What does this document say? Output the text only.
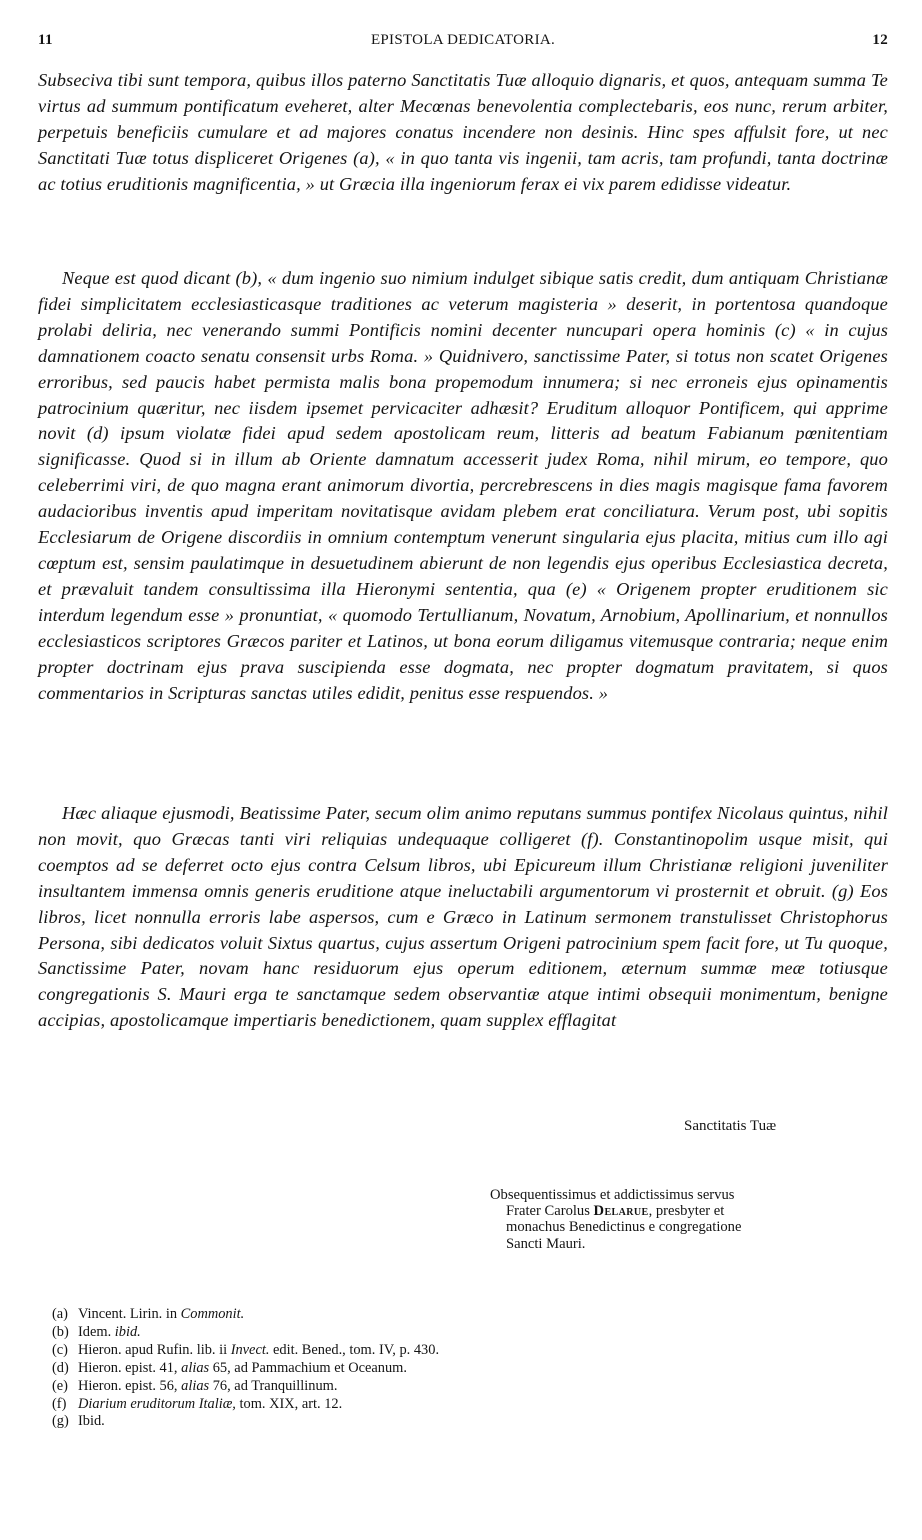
11	EPISTOLA DEDICATORIA.	12

Subseciva tibi sunt tempora, quibus illos paterno Sanctitatis Tuæ alloquio dignaris, et quos, antequam summa Te virtus ad summum pontificatum eveheret, alter Mecœnas benevolentia complectebaris, eos nunc, rerum arbiter, perpetuis beneficiis cumulare et ad majores conatus incendere non desinis. Hinc spes affulsit fore, ut nec Sanctitati Tuæ totus displiceret Origenes (a), « in quo tanta vis ingenii, tam acris, tam profundi, tanta doctrinæ ac totius eruditionis magnificentia, » ut Græcia illa ingeniorum ferax ei vix parem edidisse videatur.

Neque est quod dicant (b), « dum ingenio suo nimium indulget sibique satis credit, dum antiquam Christianæ fidei simplicitatem ecclesiasticasque traditiones ac veterum magisteria » deserit, in portentosa quandoque prolabi deliria, nec venerando summi Pontificis nomini decenter nuncupari opera hominis (c) « in cujus damnationem coacto senatu consensit urbs Roma. » Quidnivero, sanctissime Pater, si totus non scatet Origenes erroribus, sed paucis habet permista malis bona propemodum innumera; si nec erroneis ejus opinamentis patrocinium quæritur, nec iisdem ipsemet pervicaciter adhæsit? Eruditum alloquor Pontificem, qui apprime novit (d) ipsum violatæ fidei apud sedem apostolicam reum, litteris ad beatum Fabianum pœnitentiam significasse. Quod si in illum ab Oriente damnatum accesserit judex Roma, nihil mirum, eo tempore, quo celeberrimi viri, de quo magna erant animorum divortia, percrebrescens in dies magis magisque fama favorem audacioribus inventis apud imperitam novitatisque avidam plebem erat conciliatura. Verum post, ubi sopitis Ecclesiarum de Origene discordiis in omnium contemptum venerunt singularia ejus placita, mitius cum illo agi cœptum est, sensim paulatimque in desuetudinem abierunt de non legendis ejus operibus Ecclesiastica decreta, et prævaluit tandem consultissima illa Hieronymi sententia, qua (e) « Origenem propter eruditionem sic interdum legendum esse » pronuntiat, « quomodo Tertullianum, Novatum, Arnobium, Apollinarium, et nonnullos ecclesiasticos scriptores Græcos pariter et Latinos, ut bona eorum diligamus vitemusque contraria; neque enim propter doctrinam ejus prava suscipienda esse dogmata, nec propter dogmatum pravitatem, si quos commentarios in Scripturas sanctas utiles edidit, penitus esse respuendos. »

Hæc aliaque ejusmodi, Beatissime Pater, secum olim animo reputans summus pontifex Nicolaus quintus, nihil non movit, quo Græcas tanti viri reliquias undequaque colligeret (f). Constantinopolim usque misit, qui coemptos ad se deferret octo ejus contra Celsum libros, ubi Epicureum illum Christianæ religioni juveniliter insultantem immensa omnis generis eruditione atque ineluctabili argumentorum vi prosternit et obruit. (g) Eos libros, licet nonnulla erroris labe aspersos, cum e Græco in Latinum sermonem transtulisset Christophorus Persona, sibi dedicatos voluit Sixtus quartus, cujus assertum Origeni patrocinium spem facit fore, ut Tu quoque, Sanctissime Pater, novam hanc residuorum ejus operum editionem, æternum summæ meæ totiusque congregationis S. Mauri erga te sanctamque sedem observantiæ atque intimi obsequii monimentum, benigne accipias, apostolicamque impertiaris benedictionem, quam supplex efflagitat

Sanctitatis Tuæ
Obsequentissimus et addictissimus servus
Frater Carolus Delarue, presbyter et
monachus Benedictinus e congregatione
Sancti Mauri.
(a) Vincent. Lirin. in Commonit.
(b) Idem. ibid.
(c) Hieron. apud Rufin. lib. ii Invect. edit. Bened., tom. IV, p. 430.
(d) Hieron. epist. 41, alias 65, ad Pammachium et Oceanum.
(e) Hieron. epist. 56, alias 76, ad Tranquillinum.
(f) Diarium eruditorum Italiæ, tom. XIX, art. 12.
(g) Ibid.
